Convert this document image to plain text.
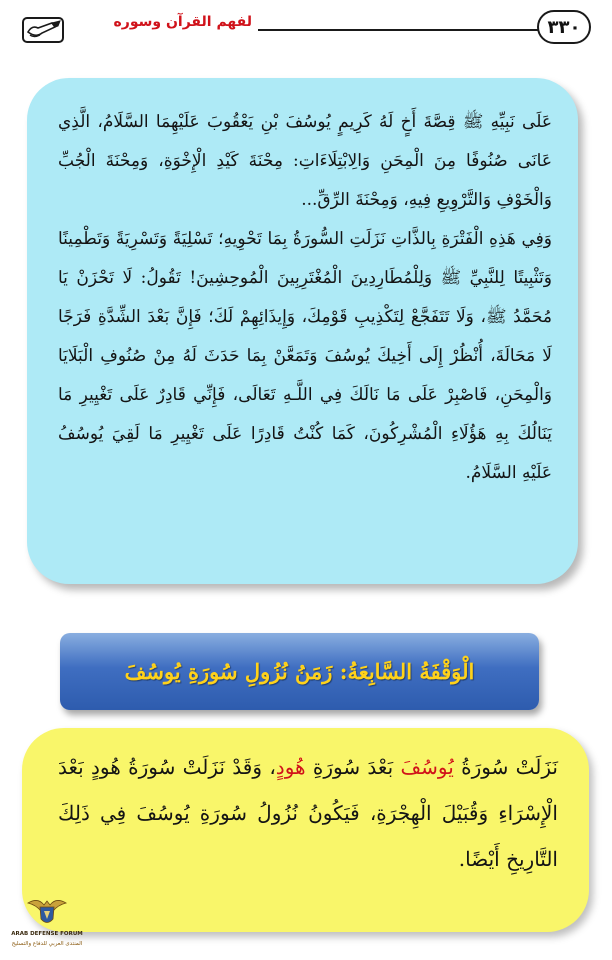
٣٣٠
لفهم القرآن وسوره

عَلَى نَبِيِّهِ ﷺ قِصَّةَ أَخٍ لَهُ كَرِيمٍ يُوسُفَ بْنِ يَعْقُوبَ عَلَيْهِمَا السَّلَامُ، الَّذِي عَانَى صُنُوفًا مِنَ الْمِحَنِ وَالِابْتِلَاءَاتِ: مِحْنَةَ كَيْدِ الْإِخْوَةِ، وَمِحْنَةَ الْجُبِّ وَالْخَوْفِ وَالتَّرْوِيعِ فِيهِ، وَمِحْنَةَ الرِّقِّ...

وَفِي هَذِهِ الْفَتْرَةِ بِالذَّاتِ نَزَلَتِ السُّورَةُ بِمَا تَحْوِيهِ؛ تَسْلِيَةً وَتَسْرِيَةً وَتَطْمِينًا وَتَثْبِيتًا لِلنَّبِيِّ ﷺ وَلِلْمُطَارِدِينَ الْمُغْتَرِبِينَ الْمُوحِشِينَ! تَقُولُ: لَا تَحْزَنْ يَا مُحَمَّدُ ﷺ، وَلَا تَتَفَجَّعْ لِتَكْذِيبِ قَوْمِكَ، وَإِيذَائِهِمْ لَكَ؛ فَإِنَّ بَعْدَ الشِّدَّةِ فَرَجًا لَا مَحَالَةَ، أُنْظُرْ إِلَى أَخِيكَ يُوسُفَ وَتَمَعَّنْ بِمَا حَدَثَ لَهُ مِنْ صُنُوفِ الْبَلَايَا وَالْمِحَنِ، فَاصْبِرْ عَلَى مَا نَالَكَ فِي اللَّـهِ تَعَالَى، فَإِنِّي قَادِرٌ عَلَى تَغْيِيرِ مَا يَنَالُكَ بِهِ هَؤُلَاءِ الْمُشْرِكُونَ، كَمَا كُنْتُ قَادِرًا عَلَى تَغْيِيرِ مَا لَقِيَ يُوسُفُ عَلَيْهِ السَّلَامُ.

الْوَقْفَةُ السَّابِعَةُ: زَمَنُ نُزُولِ سُورَةِ يُوسُفَ
نَزَلَتْ سُورَةُ يُوسُفَ بَعْدَ سُورَةِ هُودٍ، وَقَدْ نَزَلَتْ سُورَةُ هُودٍ بَعْدَ الْإِسْرَاءِ وَقُبَيْلَ الْهِجْرَةِ، فَيَكُونُ نُزُولُ سُورَةِ يُوسُفَ فِي ذَلِكَ التَّارِيخِ أَيْضًا.
ARAB DEFENSE FORUM
المنتدى العربي للدفاع والتسليح
